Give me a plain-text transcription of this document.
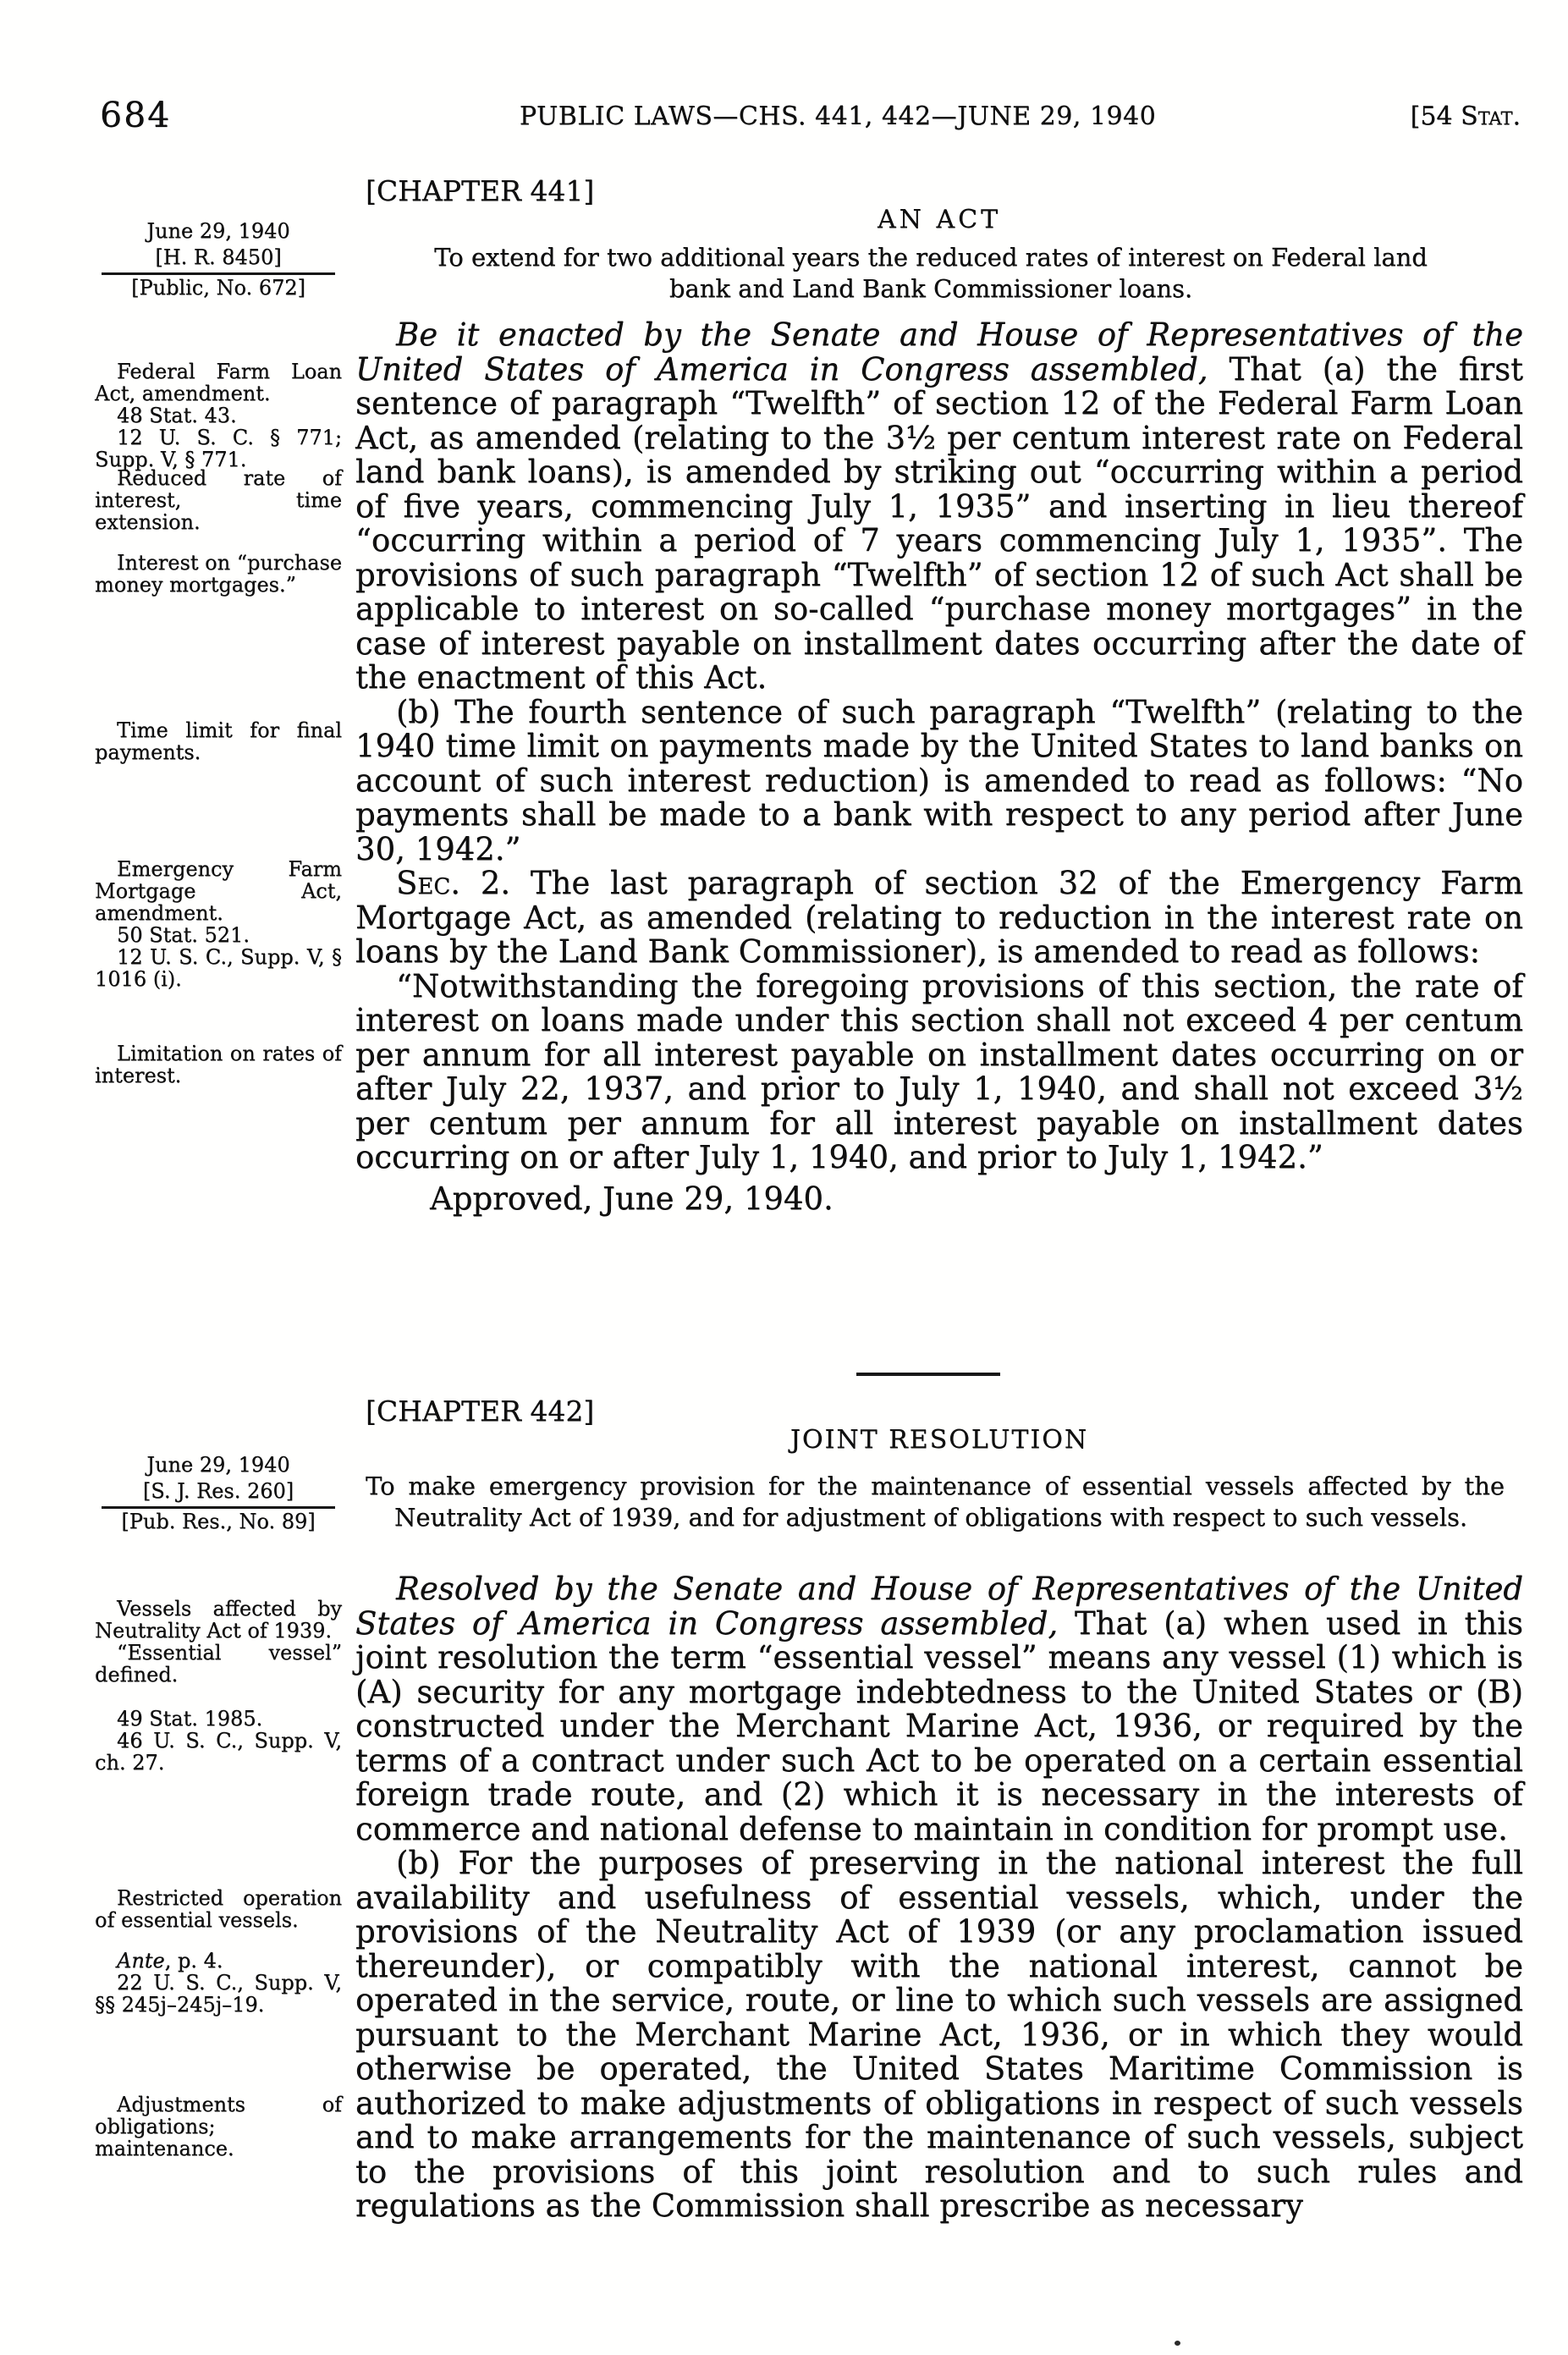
684	PUBLIC LAWS—CHS. 441, 442—JUNE 29, 1940	[54 Stat.
[CHAPTER 441]
AN ACT
To extend for two additional years the reduced rates of interest on Federal land bank and Land Bank Commissioner loans.

Be it enacted by the Senate and House of Representatives of the United States of America in Congress assembled, That (a) the first sentence of paragraph “Twelfth” of section 12 of the Federal Farm Loan Act, as amended (relating to the 3½ per centum interest rate on Federal land bank loans), is amended by striking out “occurring within a period of five years, commencing July 1, 1935” and inserting in lieu thereof “occurring within a period of 7 years commencing July 1, 1935”. The provisions of such paragraph “Twelfth” of section 12 of such Act shall be applicable to interest on so-called “purchase money mortgages” in the case of interest payable on installment dates occurring after the date of the enactment of this Act.

(b) The fourth sentence of such paragraph “Twelfth” (relating to the 1940 time limit on payments made by the United States to land banks on account of such interest reduction) is amended to read as follows: “No payments shall be made to a bank with respect to any period after June 30, 1942.”

Sec. 2. The last paragraph of section 32 of the Emergency Farm Mortgage Act, as amended (relating to reduction in the interest rate on loans by the Land Bank Commissioner), is amended to read as follows:

“Notwithstanding the foregoing provisions of this section, the rate of interest on loans made under this section shall not exceed 4 per centum per annum for all interest payable on installment dates occurring on or after July 22, 1937, and prior to July 1, 1940, and shall not exceed 3½ per centum per annum for all interest payable on installment dates occurring on or after July 1, 1940, and prior to July 1, 1942.”

Approved, June 29, 1940.

[CHAPTER 442]
JOINT RESOLUTION
To make emergency provision for the maintenance of essential vessels affected by the Neutrality Act of 1939, and for adjustment of obligations with respect to such vessels.

Resolved by the Senate and House of Representatives of the United States of America in Congress assembled, That (a) when used in this joint resolution the term “essential vessel” means any vessel (1) which is (A) security for any mortgage indebtedness to the United States or (B) constructed under the Merchant Marine Act, 1936, or required by the terms of a contract under such Act to be operated on a certain essential foreign trade route, and (2) which it is necessary in the interests of commerce and national defense to maintain in condition for prompt use.

(b) For the purposes of preserving in the national interest the full availability and usefulness of essential vessels, which, under the provisions of the Neutrality Act of 1939 (or any proclamation issued thereunder), or compatibly with the national interest, cannot be operated in the service, route, or line to which such vessels are assigned pursuant to the Merchant Marine Act, 1936, or in which they would otherwise be operated, the United States Maritime Commission is authorized to make adjustments of obligations in respect of such vessels and to make arrangements for the maintenance of such vessels, subject to the provisions of this joint resolution and to such rules and regulations as the Commission shall prescribe as necessary

June 29, 1940
[H. R. 8450]
[Public, No. 672]

Federal Farm Loan Act, amendment.

48 Stat. 43.

12 U. S. C. § 771; Supp. V, § 771.

Reduced rate of interest, time extension.

Interest on “purchase money mortgages.”

Time limit for final payments.

Emergency Farm Mortgage Act, amendment.

50 Stat. 521.

12 U. S. C., Supp. V, § 1016 (i).

Limitation on rates of interest.

June 29, 1940
[S. J. Res. 260]
[Pub. Res., No. 89]

Vessels affected by Neutrality Act of 1939.

“Essential vessel” defined.

49 Stat. 1985.

46 U. S. C., Supp. V, ch. 27.

Restricted operation of essential vessels.

Ante, p. 4.

22 U. S. C., Supp. V, §§ 245j–245j–19.

Adjustments of obligations; maintenance.
